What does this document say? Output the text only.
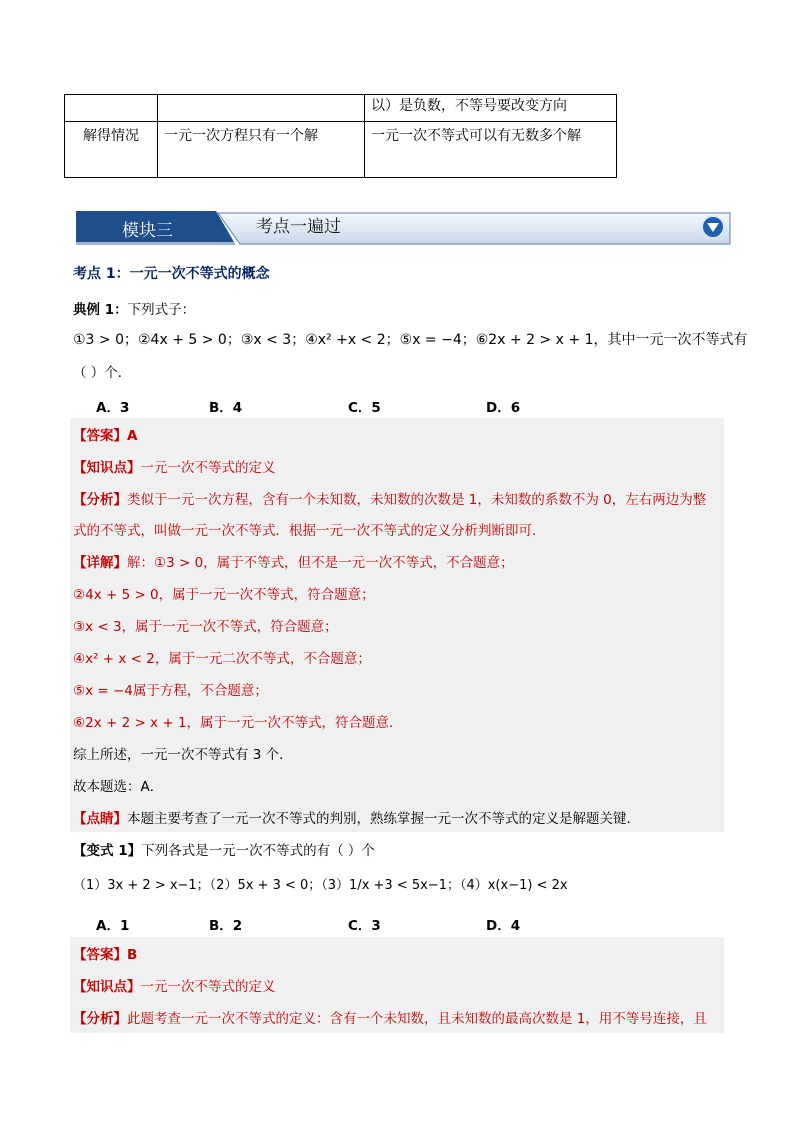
		以）是负数，不等号要改变方向
解得情况	一元一次方程只有一个解	一元一次不等式可以有无数多个解
模块三	考点一遍过
考点 1：一元一次不等式的概念
典例 1：下列式子：
①3 > 0；②4x + 5 > 0；③x < 3；④x² +x < 2；⑤x = −4；⑥2x + 2 > x + 1，其中一元一次不等式有
（ ）个．
A．3	B．4	C．5	D．6
【答案】A
【知识点】一元一次不等式的定义
【分析】类似于一元一次方程，含有一个未知数，未知数的次数是 1，未知数的系数不为 0，左右两边为整
式的不等式，叫做一元一次不等式．根据一元一次不等式的定义分析判断即可．
【详解】解：①3 > 0，属于不等式，但不是一元一次不等式，不合题意；
②4x + 5 > 0，属于一元一次不等式，符合题意；
③x < 3，属于一元一次不等式，符合题意；
④x² + x < 2，属于一元二次不等式，不合题意；
⑤x = −4属于方程，不合题意；
⑥2x + 2 > x + 1，属于一元一次不等式，符合题意．
综上所述，一元一次不等式有 3 个．
故本题选：A．
【点睛】本题主要考查了一元一次不等式的判别，熟练掌握一元一次不等式的定义是解题关键．
【变式 1】下列各式是一元一次不等式的有（ ）个
（1）3x + 2 > x−1；（2）5x + 3 < 0；（3）1/x +3 < 5x−1；（4）x(x−1) < 2x
A．1	B．2	C．3	D．4
【答案】B
【知识点】一元一次不等式的定义
【分析】此题考查一元一次不等式的定义：含有一个未知数，且未知数的最高次数是 1，用不等号连接，且
